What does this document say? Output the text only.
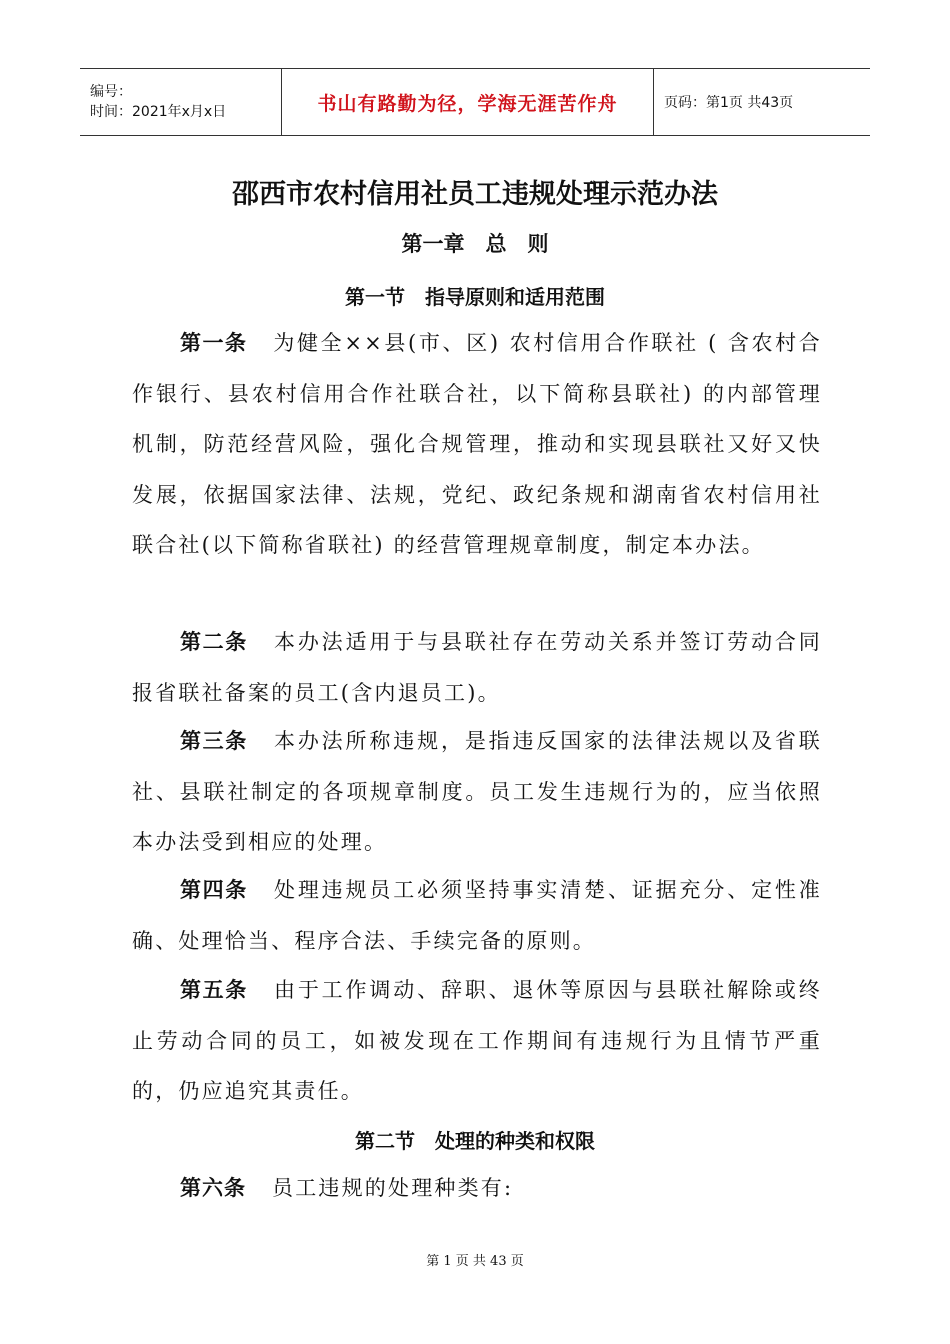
编号：
时间：2021年x月x日	书山有路勤为径，学海无涯苦作舟	页码：第1页 共43页
邵西市农村信用社员工违规处理示范办法
第一章　总　则
第一节　指导原则和适用范围

第一条 为健全××县(市、区) 农村信用合作联社 ( 含农村合作银行、县农村信用合作社联合社，以下简称县联社) 的内部管理机制，防范经营风险，强化合规管理，推动和实现县联社又好又快发展，依据国家法律、法规，党纪、政纪条规和湖南省农村信用社联合社(以下简称省联社) 的经营管理规章制度，制定本办法。

第二条 本办法适用于与县联社存在劳动关系并签订劳动合同报省联社备案的员工(含内退员工)。

第三条 本办法所称违规，是指违反国家的法律法规以及省联社、县联社制定的各项规章制度。员工发生违规行为的，应当依照本办法受到相应的处理。

第四条 处理违规员工必须坚持事实清楚、证据充分、定性准确、处理恰当、程序合法、手续完备的原则。

第五条 由于工作调动、辞职、退休等原因与县联社解除或终止劳动合同的员工，如被发现在工作期间有违规行为且情节严重的，仍应追究其责任。

第二节　处理的种类和权限

第六条 员工违规的处理种类有:

第 1 页 共 43 页
